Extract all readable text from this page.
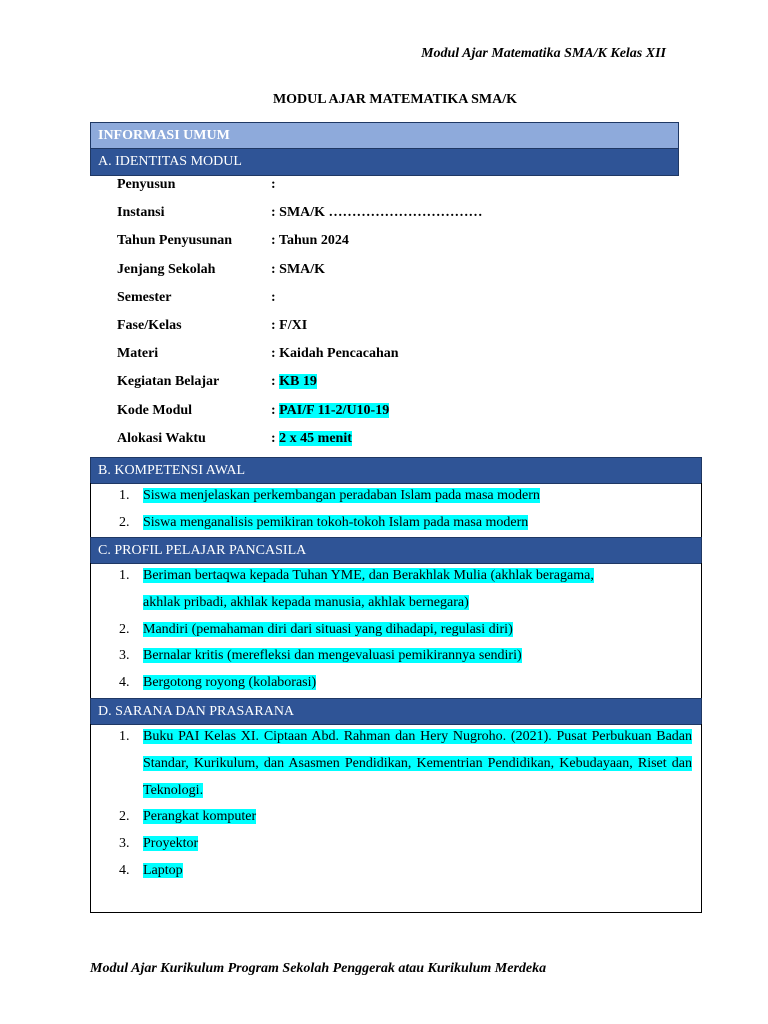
Modul Ajar Matematika SMA/K Kelas XII
MODUL AJAR MATEMATIKA SMA/K
INFORMASI UMUM
A. IDENTITAS MODUL
Penyusun	:
Instansi	: SMA/K ……………………………
Tahun Penyusunan	: Tahun 2024
Jenjang Sekolah	: SMA/K
Semester	:
Fase/Kelas	: F/XI
Materi	: Kaidah Pencacahan
Kegiatan Belajar	: KB 19
Kode Modul	: PAI/F 11-2/U10-19
Alokasi Waktu	: 2 x 45 menit
B. KOMPETENSI AWAL
1. Siswa menjelaskan perkembangan peradaban Islam pada masa modern
2. Siswa menganalisis pemikiran tokoh-tokoh Islam pada masa modern
C. PROFIL PELAJAR PANCASILA
1. Beriman bertaqwa kepada Tuhan YME, dan Berakhlak Mulia (akhlak beragama,
akhlak pribadi, akhlak kepada manusia, akhlak bernegara)
2. Mandiri (pemahaman diri dari situasi yang dihadapi, regulasi diri)
3. Bernalar kritis (merefleksi dan mengevaluasi pemikirannya sendiri)
4. Bergotong royong (kolaborasi)
D. SARANA DAN PRASARANA
1. Buku PAI Kelas XI. Ciptaan Abd. Rahman dan Hery Nugroho. (2021). Pusat Perbukuan Badan Standar, Kurikulum, dan Asasmen Pendidikan, Kementrian Pendidikan, Kebudayaan, Riset dan Teknologi.
2. Perangkat komputer
3. Proyektor
4. Laptop
Modul Ajar Kurikulum Program Sekolah Penggerak atau Kurikulum Merdeka
